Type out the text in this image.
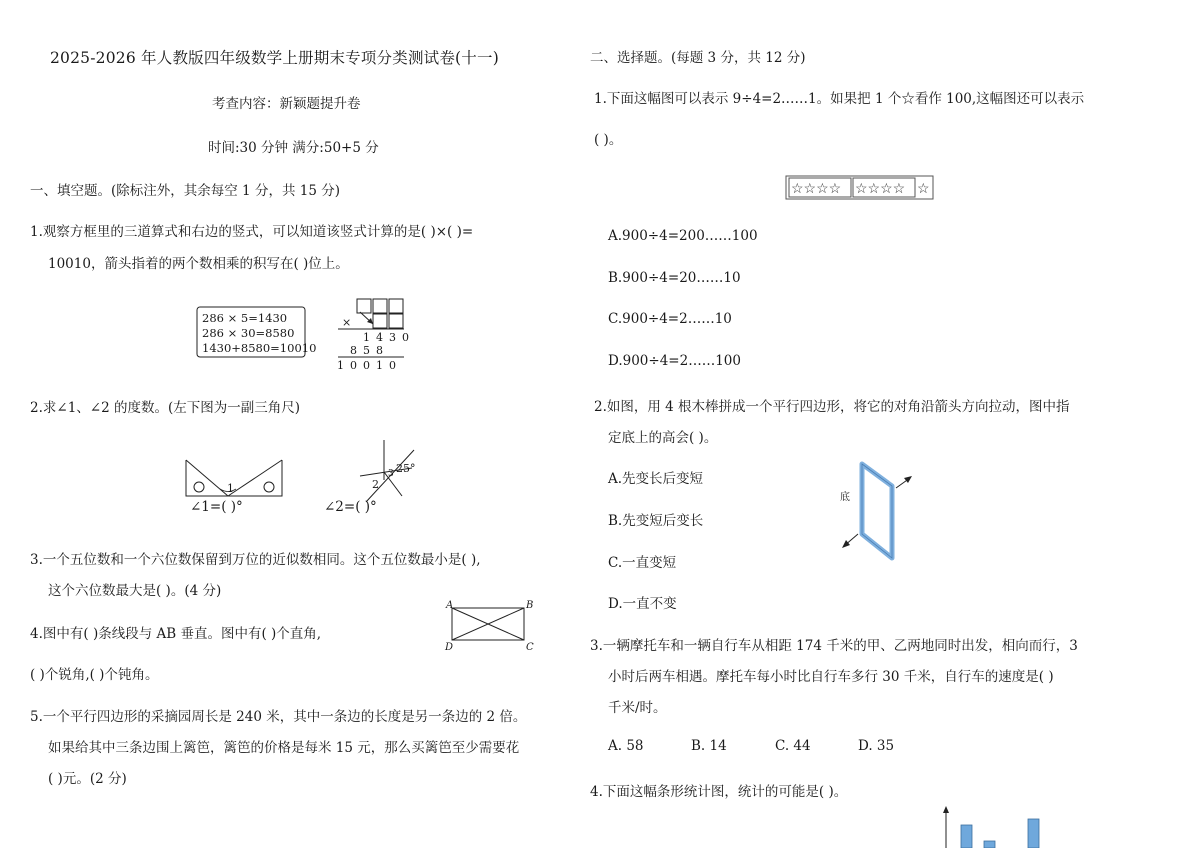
2025-2026 年人教版四年级数学上册期末专项分类测试卷(十一)
考查内容：新颖题提升卷
时间:30 分钟 满分:50+5 分
一、填空题。(除标注外，其余每空 1 分，共 15 分)
1.观察方框里的三道算式和右边的竖式，可以知道该竖式计算的是( )×( )=
10010，箭头指着的两个数相乘的积写在( )位上。
286 × 5=1430
286 × 30=8580
1430+8580=10010
×
1 4 3 0
8 5 8
1 0 0 1 0
2.求∠1、∠2 的度数。(左下图为一副三角尺)
1	2
3 25°
∠1=( )°	∠2=( )°
3.一个五位数和一个六位数保留到万位的近似数相同。这个五位数最小是( ),
这个六位数最大是( )。(4 分)
4.图中有( )条线段与 AB 垂直。图中有( )个直角,
( )个锐角,( )个钝角。
A	B
C
D
5.一个平行四边形的采摘园周长是 240 米，其中一条边的长度是另一条边的 2 倍。
如果给其中三条边围上篱笆，篱笆的价格是每米 15 元，那么买篱笆至少需要花
( )元。(2 分)
二、选择题。(每题 3 分，共 12 分)
1.下面这幅图可以表示 9÷4=2……1。如果把 1 个☆看作 100,这幅图还可以表示
( )。
☆☆☆☆ ☆☆☆☆ ☆
A.900÷4=200……100
B.900÷4=20……10
C.900÷4=2……10
D.900÷4=2……100
2.如图，用 4 根木棒拼成一个平行四边形，将它的对角沿箭头方向拉动，图中指
定底上的高会( )。
A.先变长后变短
B.先变短后变长
C.一直变短
D.一直不变
底
3.一辆摩托车和一辆自行车从相距 174 千米的甲、乙两地同时出发，相向而行，3
小时后两车相遇。摩托车每小时比自行车多行 30 千米，自行车的速度是( )
千米/时。
A. 58	B. 14	C. 44	D. 35
4.下面这幅条形统计图，统计的可能是( )。
